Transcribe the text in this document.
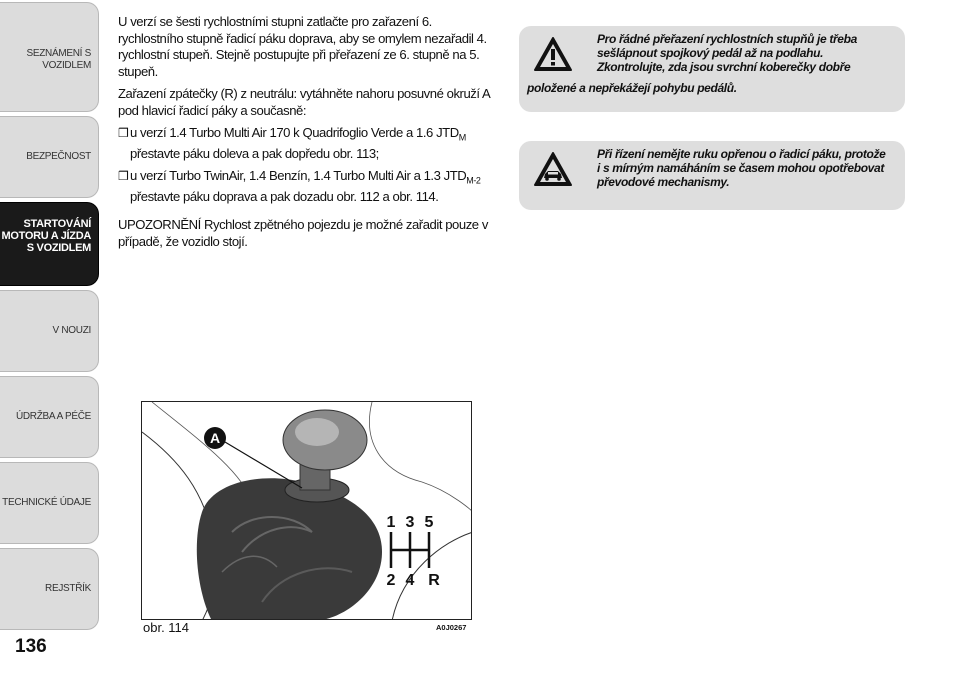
SEZNÁMENÍ S
VOZIDLEM
BEZPEČNOST
STARTOVÁNÍ
MOTORU A JÍZDA
S VOZIDLEM
V NOUZI
ÚDRŽBA A PÉČE
TECHNICKÉ ÚDAJE
REJSTŘÍK
136

U verzí se šesti rychlostními stupni zatlačte pro zařazení 6. rychlostního stupně řadicí páku doprava, aby se omylem nezařadil 4. rychlostní stupeň. Stejně postupujte při přeřazení ze 6. stupně na 5. stupeň.

Zařazení zpátečky (R) z neutrálu: vytáhněte nahoru posuvné okruží A pod hlavicí řadicí páky a současně:

❒ u verzí 1.4 Turbo Multi Air 170 k Quadrifoglio Verde a 1.6 $JTD_M$
přestavte páku doleva a pak dopředu obr. 113;
❒ u verzí Turbo TwinAir, 1.4 Benzín, 1.4 Turbo Multi Air a 1.3 $JTD_{M-2}$
přestavte páku doprava a pak dozadu obr. 112 a obr. 114.

UPOZORNĚNÍ Rychlost zpětného pojezdu je možné zařadit pouze v případě, že vozidlo stojí.

Pro řádné přeřazení rychlostních stupňů je třeba sešlápnout spojkový pedál až na podlahu. Zkontrolujte, zda jsou svrchní koberečky dobře
položené a nepřekážejí pohybu pedálů.
Při řízení nemějte ruku opřenou o řadicí páku, protože i s mírným namáháním se časem mohou opotřebovat převodové mechanismy.
A
1 3 5
2 4 R
obr. 114	A0J0267
